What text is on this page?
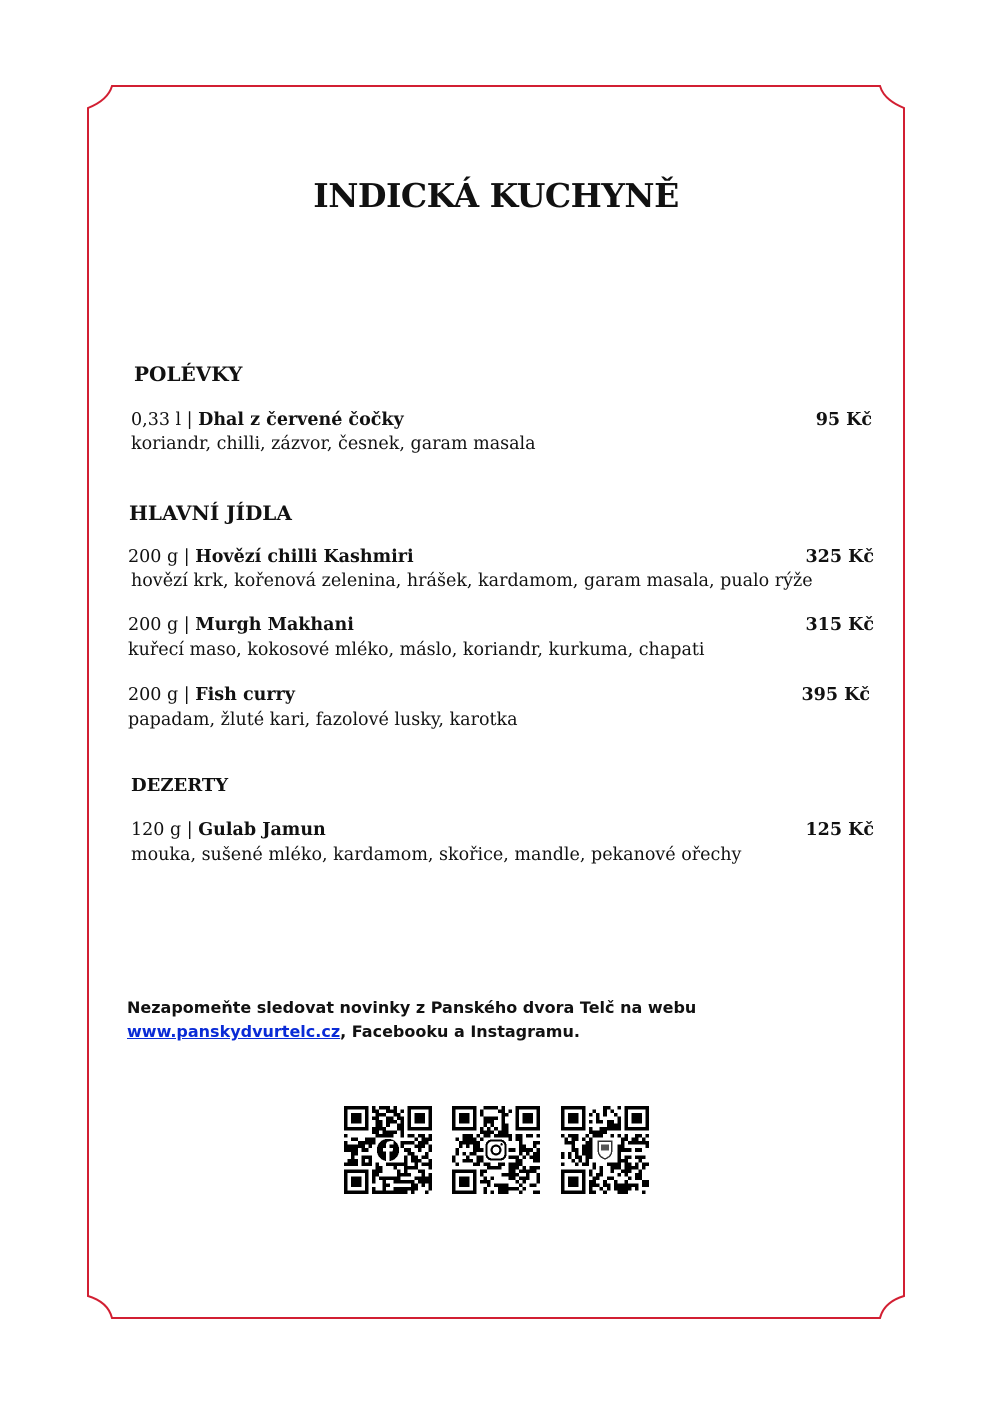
INDICKÁ KUCHYNĚ
POLÉVKY
0,33 l | Dhal z červené čočky	95 Kč
koriandr, chilli, zázvor, česnek, garam masala
HLAVNÍ JÍDLA
200 g | Hovězí chilli Kashmiri	325 Kč
hovězí krk, kořenová zelenina, hrášek, kardamom, garam masala, pualo rýže
200 g | Murgh Makhani	315 Kč
kuřecí maso, kokosové mléko, máslo, koriandr, kurkuma, chapati
200 g | Fish curry	395 Kč
papadam, žluté kari, fazolové lusky, karotka
DEZERTY
120 g | Gulab Jamun	125 Kč
mouka, sušené mléko, kardamom, skořice, mandle, pekanové ořechy
Nezapomeňte sledovat novinky z Panského dvora Telč na webu www.panskydvurtelc.cz, Facebooku a Instagramu.
